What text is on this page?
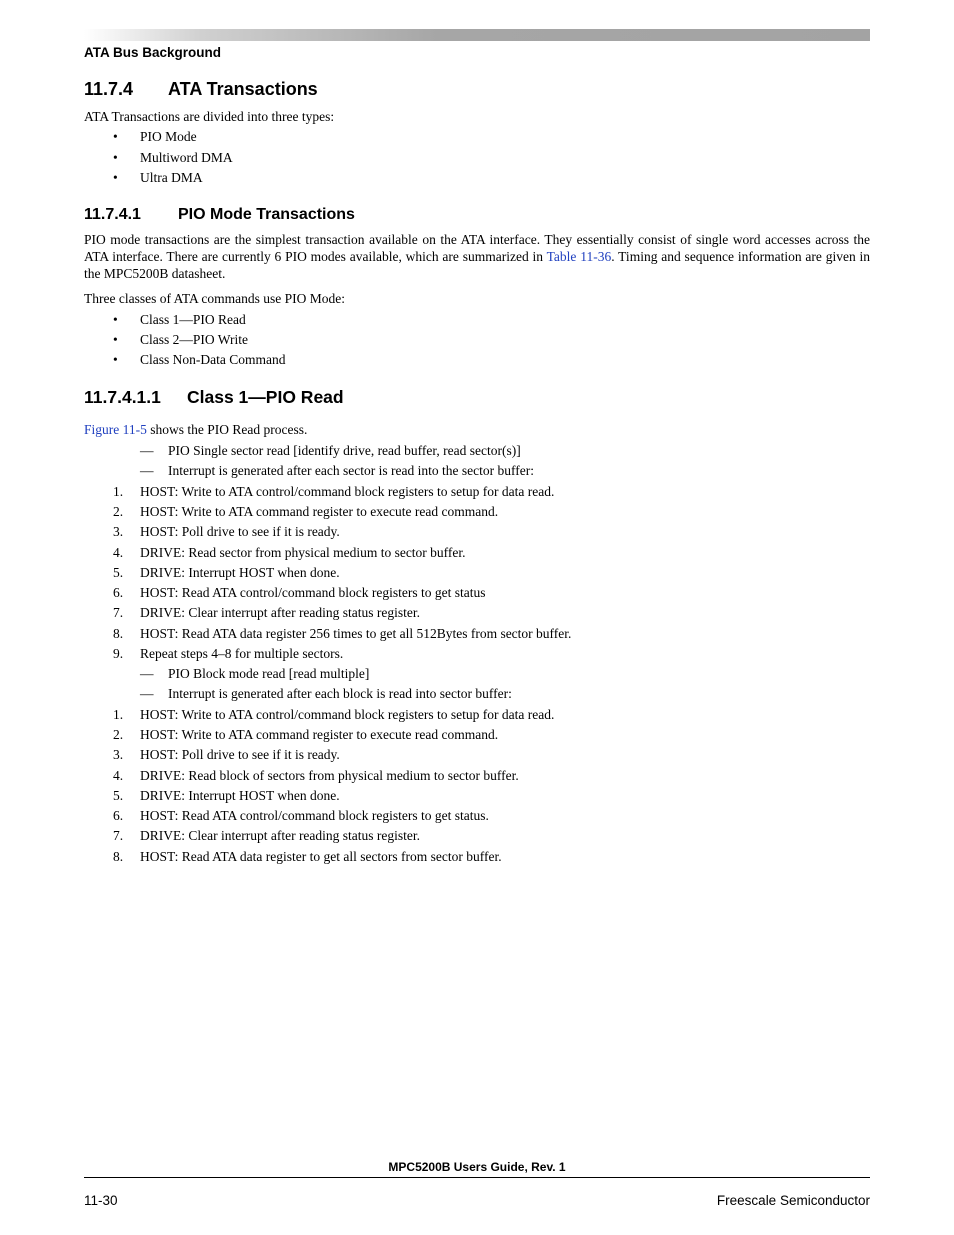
ATA Bus Background
11.7.4 ATA Transactions
ATA Transactions are divided into three types:
• PIO Mode
• Multiword DMA
• Ultra DMA
11.7.4.1 PIO Mode Transactions
PIO mode transactions are the simplest transaction available on the ATA interface. They essentially consist of single word accesses across the ATA interface. There are currently 6 PIO modes available, which are summarized in Table 11-36. Timing and sequence information are given in the MPC5200B datasheet.
Three classes of ATA commands use PIO Mode:
• Class 1—PIO Read
• Class 2—PIO Write
• Class Non-Data Command
11.7.4.1.1 Class 1—PIO Read
Figure 11-5 shows the PIO Read process.
— PIO Single sector read [identify drive, read buffer, read sector(s)]
— Interrupt is generated after each sector is read into the sector buffer:
1. HOST: Write to ATA control/command block registers to setup for data read.
2. HOST: Write to ATA command register to execute read command.
3. HOST: Poll drive to see if it is ready.
4. DRIVE: Read sector from physical medium to sector buffer.
5. DRIVE: Interrupt HOST when done.
6. HOST: Read ATA control/command block registers to get status
7. DRIVE: Clear interrupt after reading status register.
8. HOST: Read ATA data register 256 times to get all 512Bytes from sector buffer.
9. Repeat steps 4–8 for multiple sectors.
— PIO Block mode read [read multiple]
— Interrupt is generated after each block is read into sector buffer:
1. HOST: Write to ATA control/command block registers to setup for data read.
2. HOST: Write to ATA command register to execute read command.
3. HOST: Poll drive to see if it is ready.
4. DRIVE: Read block of sectors from physical medium to sector buffer.
5. DRIVE: Interrupt HOST when done.
6. HOST: Read ATA control/command block registers to get status.
7. DRIVE: Clear interrupt after reading status register.
8. HOST: Read ATA data register to get all sectors from sector buffer.
MPC5200B Users Guide, Rev. 1
11-30	Freescale Semiconductor
